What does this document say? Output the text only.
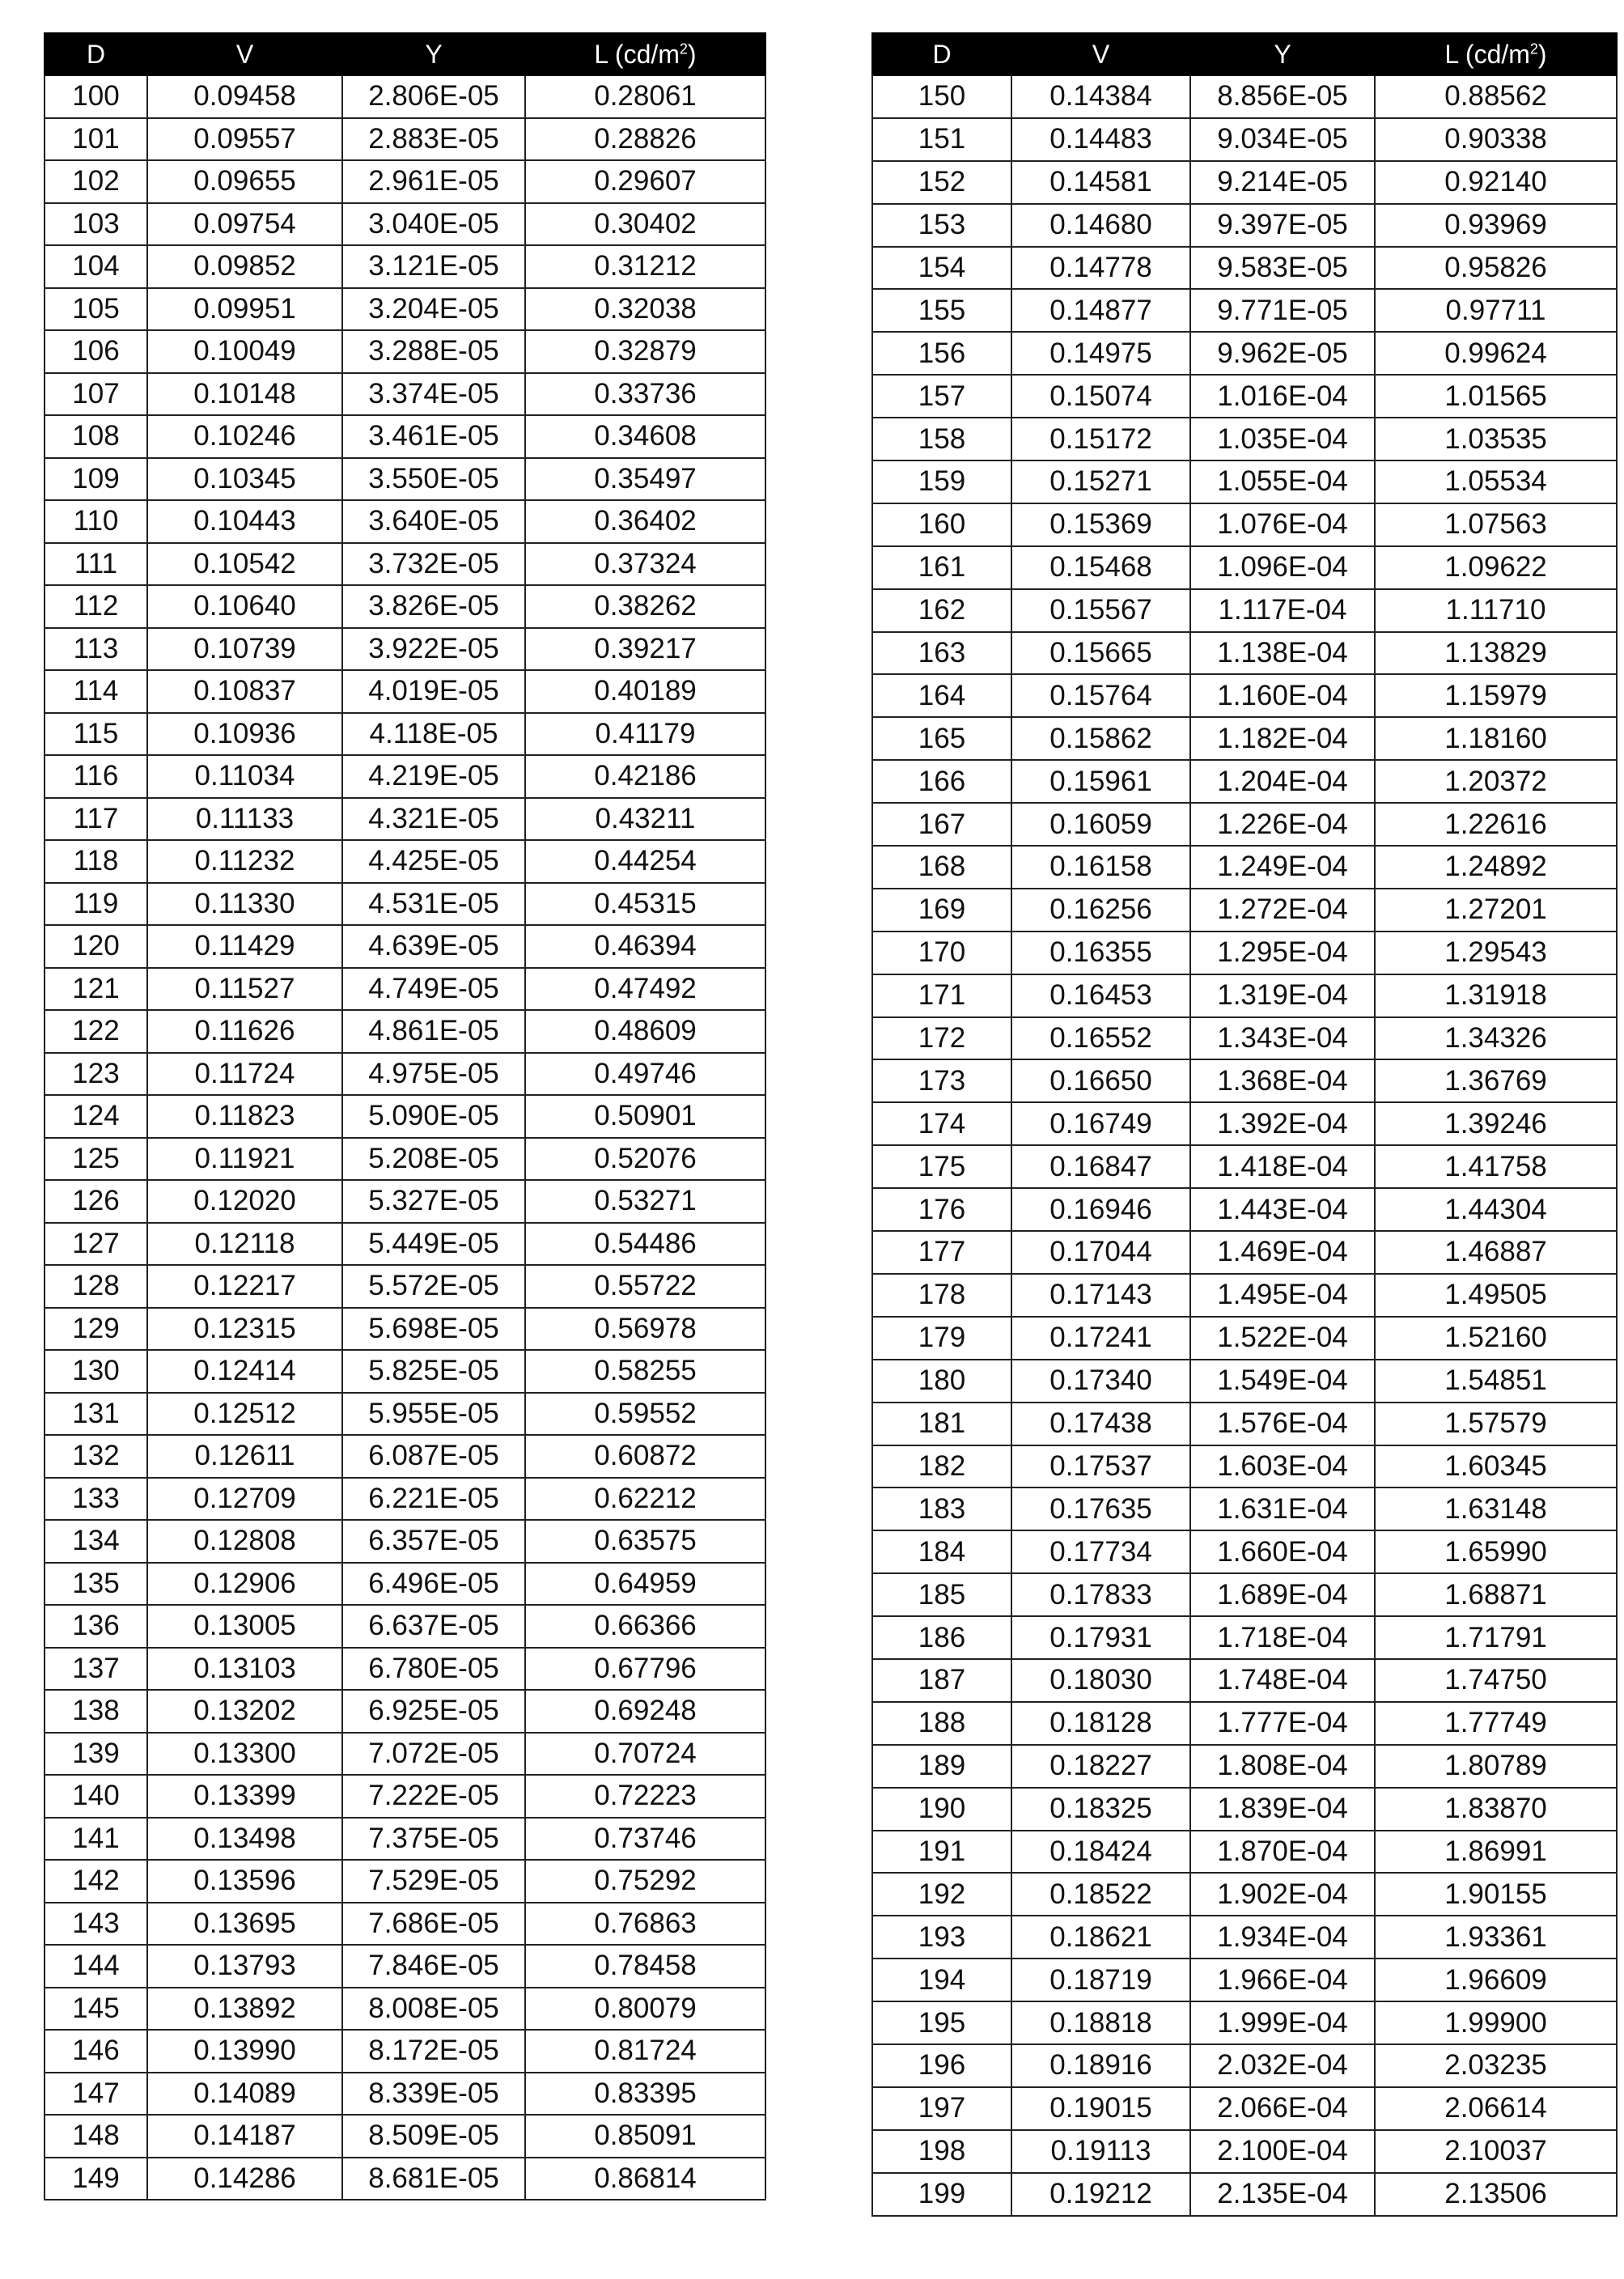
D	V	Y	L (cd/m2)
100	0.09458	2.806E-05	0.28061
101	0.09557	2.883E-05	0.28826
102	0.09655	2.961E-05	0.29607
103	0.09754	3.040E-05	0.30402
104	0.09852	3.121E-05	0.31212
105	0.09951	3.204E-05	0.32038
106	0.10049	3.288E-05	0.32879
107	0.10148	3.374E-05	0.33736
108	0.10246	3.461E-05	0.34608
109	0.10345	3.550E-05	0.35497
110	0.10443	3.640E-05	0.36402
111	0.10542	3.732E-05	0.37324
112	0.10640	3.826E-05	0.38262
113	0.10739	3.922E-05	0.39217
114	0.10837	4.019E-05	0.40189
115	0.10936	4.118E-05	0.41179
116	0.11034	4.219E-05	0.42186
117	0.11133	4.321E-05	0.43211
118	0.11232	4.425E-05	0.44254
119	0.11330	4.531E-05	0.45315
120	0.11429	4.639E-05	0.46394
121	0.11527	4.749E-05	0.47492
122	0.11626	4.861E-05	0.48609
123	0.11724	4.975E-05	0.49746
124	0.11823	5.090E-05	0.50901
125	0.11921	5.208E-05	0.52076
126	0.12020	5.327E-05	0.53271
127	0.12118	5.449E-05	0.54486
128	0.12217	5.572E-05	0.55722
129	0.12315	5.698E-05	0.56978
130	0.12414	5.825E-05	0.58255
131	0.12512	5.955E-05	0.59552
132	0.12611	6.087E-05	0.60872
133	0.12709	6.221E-05	0.62212
134	0.12808	6.357E-05	0.63575
135	0.12906	6.496E-05	0.64959
136	0.13005	6.637E-05	0.66366
137	0.13103	6.780E-05	0.67796
138	0.13202	6.925E-05	0.69248
139	0.13300	7.072E-05	0.70724
140	0.13399	7.222E-05	0.72223
141	0.13498	7.375E-05	0.73746
142	0.13596	7.529E-05	0.75292
143	0.13695	7.686E-05	0.76863
144	0.13793	7.846E-05	0.78458
145	0.13892	8.008E-05	0.80079
146	0.13990	8.172E-05	0.81724
147	0.14089	8.339E-05	0.83395
148	0.14187	8.509E-05	0.85091
149	0.14286	8.681E-05	0.86814
D	V	Y	L (cd/m2)
150	0.14384	8.856E-05	0.88562
151	0.14483	9.034E-05	0.90338
152	0.14581	9.214E-05	0.92140
153	0.14680	9.397E-05	0.93969
154	0.14778	9.583E-05	0.95826
155	0.14877	9.771E-05	0.97711
156	0.14975	9.962E-05	0.99624
157	0.15074	1.016E-04	1.01565
158	0.15172	1.035E-04	1.03535
159	0.15271	1.055E-04	1.05534
160	0.15369	1.076E-04	1.07563
161	0.15468	1.096E-04	1.09622
162	0.15567	1.117E-04	1.11710
163	0.15665	1.138E-04	1.13829
164	0.15764	1.160E-04	1.15979
165	0.15862	1.182E-04	1.18160
166	0.15961	1.204E-04	1.20372
167	0.16059	1.226E-04	1.22616
168	0.16158	1.249E-04	1.24892
169	0.16256	1.272E-04	1.27201
170	0.16355	1.295E-04	1.29543
171	0.16453	1.319E-04	1.31918
172	0.16552	1.343E-04	1.34326
173	0.16650	1.368E-04	1.36769
174	0.16749	1.392E-04	1.39246
175	0.16847	1.418E-04	1.41758
176	0.16946	1.443E-04	1.44304
177	0.17044	1.469E-04	1.46887
178	0.17143	1.495E-04	1.49505
179	0.17241	1.522E-04	1.52160
180	0.17340	1.549E-04	1.54851
181	0.17438	1.576E-04	1.57579
182	0.17537	1.603E-04	1.60345
183	0.17635	1.631E-04	1.63148
184	0.17734	1.660E-04	1.65990
185	0.17833	1.689E-04	1.68871
186	0.17931	1.718E-04	1.71791
187	0.18030	1.748E-04	1.74750
188	0.18128	1.777E-04	1.77749
189	0.18227	1.808E-04	1.80789
190	0.18325	1.839E-04	1.83870
191	0.18424	1.870E-04	1.86991
192	0.18522	1.902E-04	1.90155
193	0.18621	1.934E-04	1.93361
194	0.18719	1.966E-04	1.96609
195	0.18818	1.999E-04	1.99900
196	0.18916	2.032E-04	2.03235
197	0.19015	2.066E-04	2.06614
198	0.19113	2.100E-04	2.10037
199	0.19212	2.135E-04	2.13506
